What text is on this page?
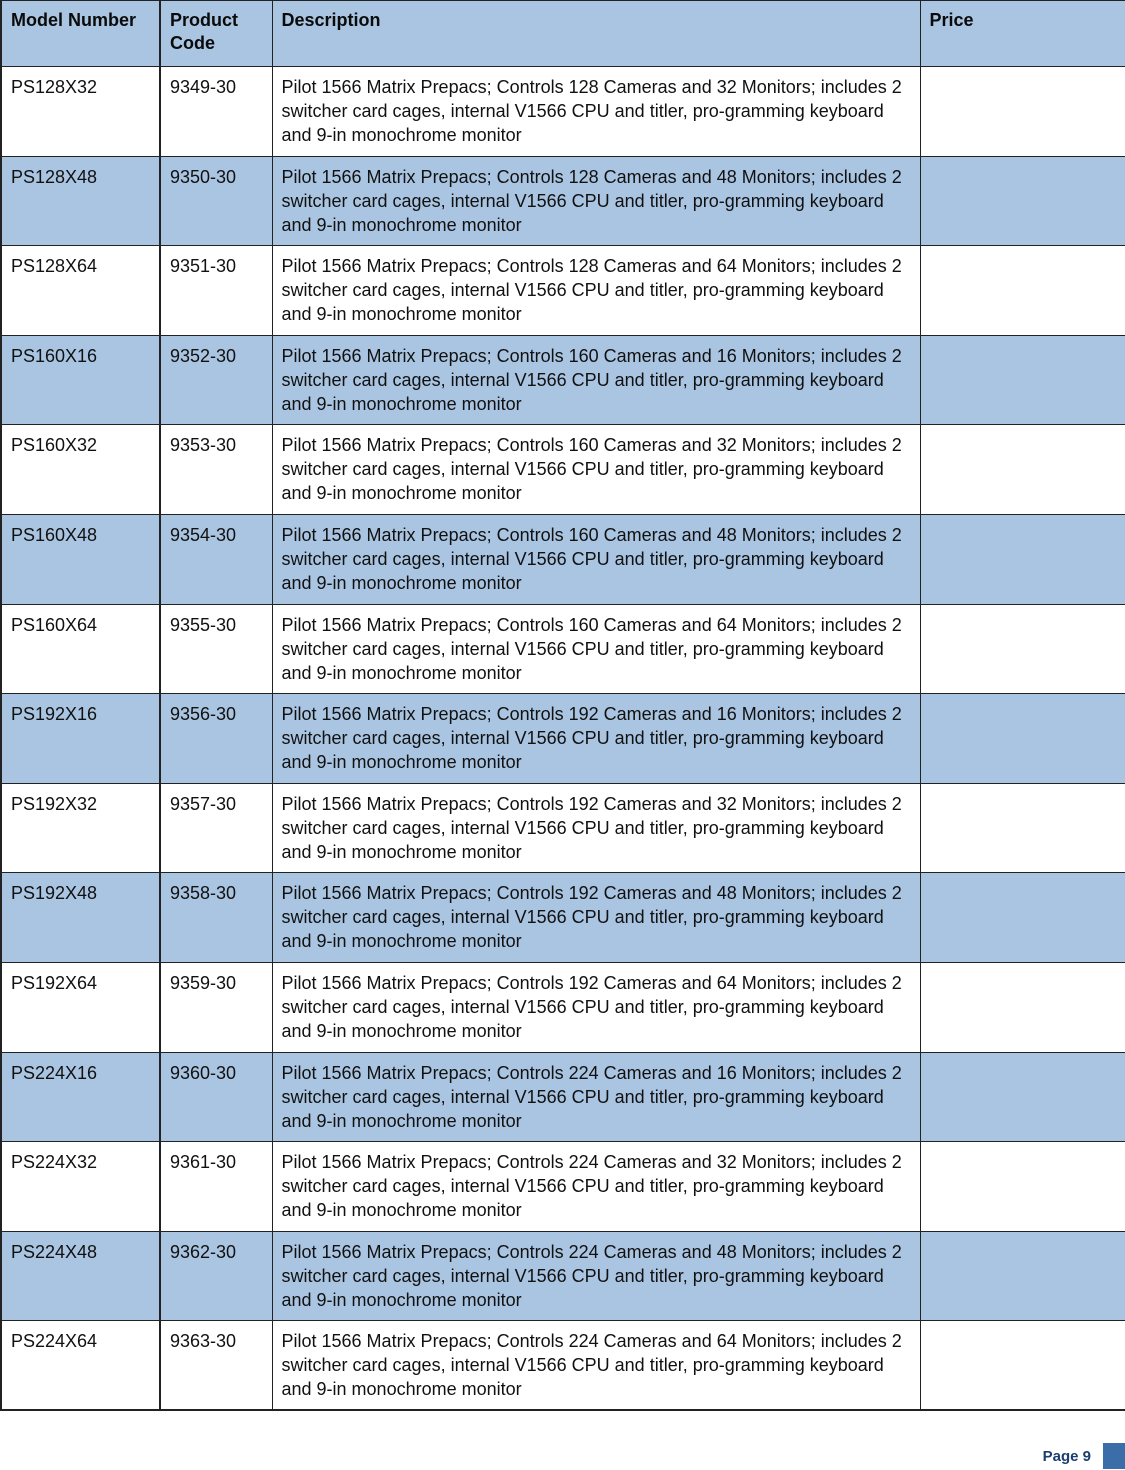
Model Number	Product Code	Description	Price
PS128X32	9349-30	Pilot 1566 Matrix Prepacs; Controls 128 Cameras and 32 Monitors; includes 2 switcher card cages, internal V1566 CPU and titler, pro-gramming keyboard and 9-in monochrome monitor	
PS128X48	9350-30	Pilot 1566 Matrix Prepacs; Controls 128 Cameras and 48 Monitors; includes 2 switcher card cages, internal V1566 CPU and titler, pro-gramming keyboard and 9-in monochrome monitor	
PS128X64	9351-30	Pilot 1566 Matrix Prepacs; Controls 128 Cameras and 64 Monitors; includes 2 switcher card cages, internal V1566 CPU and titler, pro-gramming keyboard and 9-in monochrome monitor	
PS160X16	9352-30	Pilot 1566 Matrix Prepacs; Controls 160 Cameras and 16 Monitors; includes 2 switcher card cages, internal V1566 CPU and titler, pro-gramming keyboard and 9-in monochrome monitor	
PS160X32	9353-30	Pilot 1566 Matrix Prepacs; Controls 160 Cameras and 32 Monitors; includes 2 switcher card cages, internal V1566 CPU and titler, pro-gramming keyboard and 9-in monochrome monitor	
PS160X48	9354-30	Pilot 1566 Matrix Prepacs; Controls 160 Cameras and 48 Monitors; includes 2 switcher card cages, internal V1566 CPU and titler, pro-gramming keyboard and 9-in monochrome monitor	
PS160X64	9355-30	Pilot 1566 Matrix Prepacs; Controls 160 Cameras and 64 Monitors; includes 2 switcher card cages, internal V1566 CPU and titler, pro-gramming keyboard and 9-in monochrome monitor	
PS192X16	9356-30	Pilot 1566 Matrix Prepacs; Controls 192 Cameras and 16 Monitors; includes 2 switcher card cages, internal V1566 CPU and titler, pro-gramming keyboard and 9-in monochrome monitor	
PS192X32	9357-30	Pilot 1566 Matrix Prepacs; Controls 192 Cameras and 32 Monitors; includes 2 switcher card cages, internal V1566 CPU and titler, pro-gramming keyboard and 9-in monochrome monitor	
PS192X48	9358-30	Pilot 1566 Matrix Prepacs; Controls 192 Cameras and 48 Monitors; includes 2 switcher card cages, internal V1566 CPU and titler, pro-gramming keyboard and 9-in monochrome monitor	
PS192X64	9359-30	Pilot 1566 Matrix Prepacs; Controls 192 Cameras and 64 Monitors; includes 2 switcher card cages, internal V1566 CPU and titler, pro-gramming keyboard and 9-in monochrome monitor	
PS224X16	9360-30	Pilot 1566 Matrix Prepacs; Controls 224 Cameras and 16 Monitors; includes 2 switcher card cages, internal V1566 CPU and titler, pro-gramming keyboard and 9-in monochrome monitor	
PS224X32	9361-30	Pilot 1566 Matrix Prepacs; Controls 224 Cameras and 32 Monitors; includes 2 switcher card cages, internal V1566 CPU and titler, pro-gramming keyboard and 9-in monochrome monitor	
PS224X48	9362-30	Pilot 1566 Matrix Prepacs; Controls 224 Cameras and 48 Monitors; includes 2 switcher card cages, internal V1566 CPU and titler, pro-gramming keyboard and 9-in monochrome monitor	
PS224X64	9363-30	Pilot 1566 Matrix Prepacs; Controls 224 Cameras and 64 Monitors; includes 2 switcher card cages, internal V1566 CPU and titler, pro-gramming keyboard and 9-in monochrome monitor	
Page 9
